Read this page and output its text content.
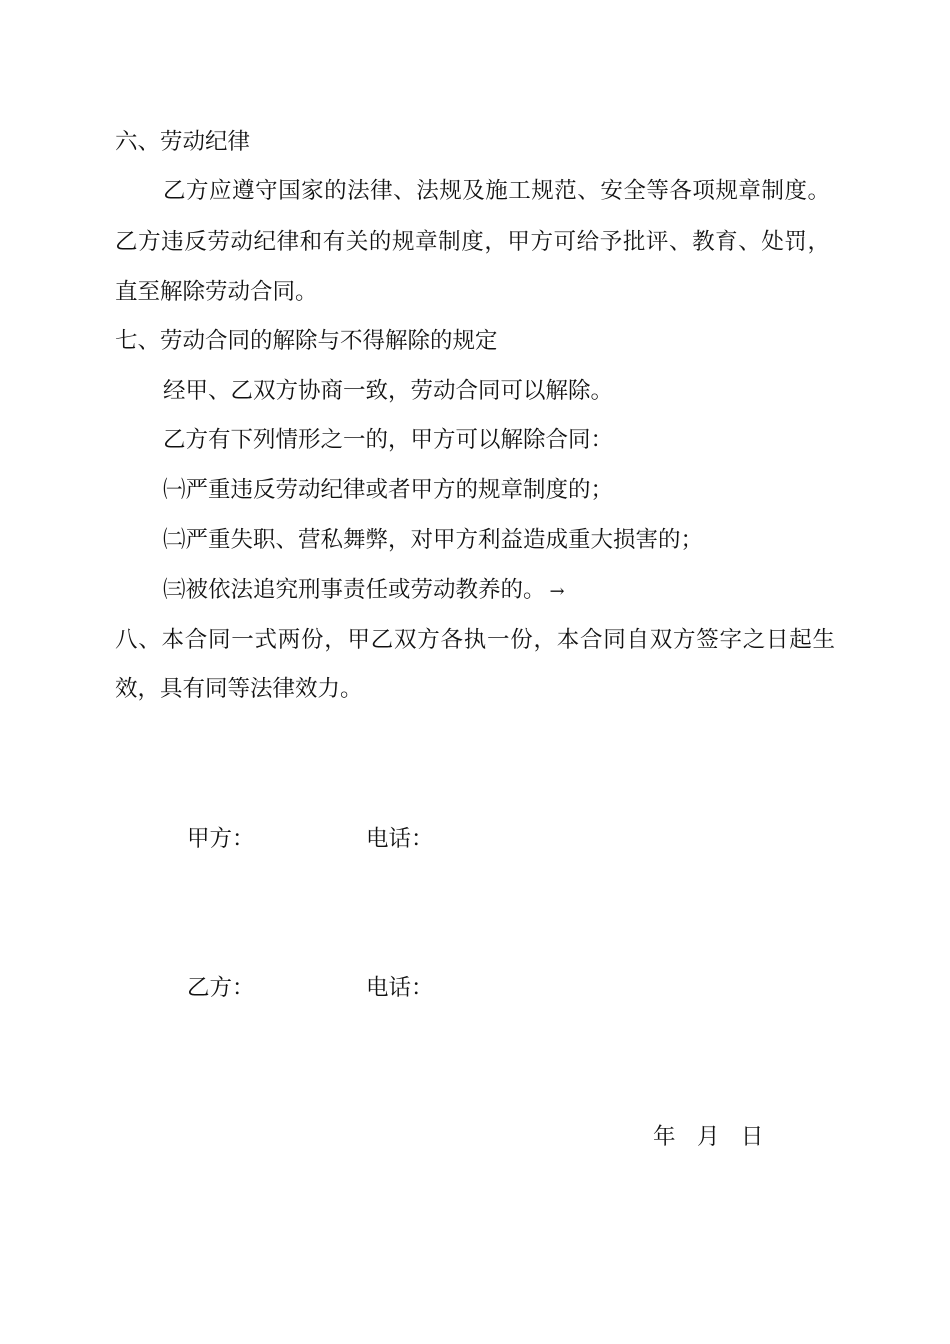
六、劳动纪律
乙方应遵守国家的法律、法规及施工规范、安全等各项规章制度。
乙方违反劳动纪律和有关的规章制度，甲方可给予批评、教育、处罚，
直至解除劳动合同。
七、劳动合同的解除与不得解除的规定
经甲、乙双方协商一致，劳动合同可以解除。
乙方有下列情形之一的，甲方可以解除合同：
㈠严重违反劳动纪律或者甲方的规章制度的；
㈡严重失职、营私舞弊，对甲方利益造成重大损害的；
㈢被依法追究刑事责任或劳动教养的。 →
八、本合同一式两份，甲乙双方各执一份，本合同自双方签字之日起生
效，具有同等法律效力。
甲方：	电话：
乙方：	电话：
年   月   日
